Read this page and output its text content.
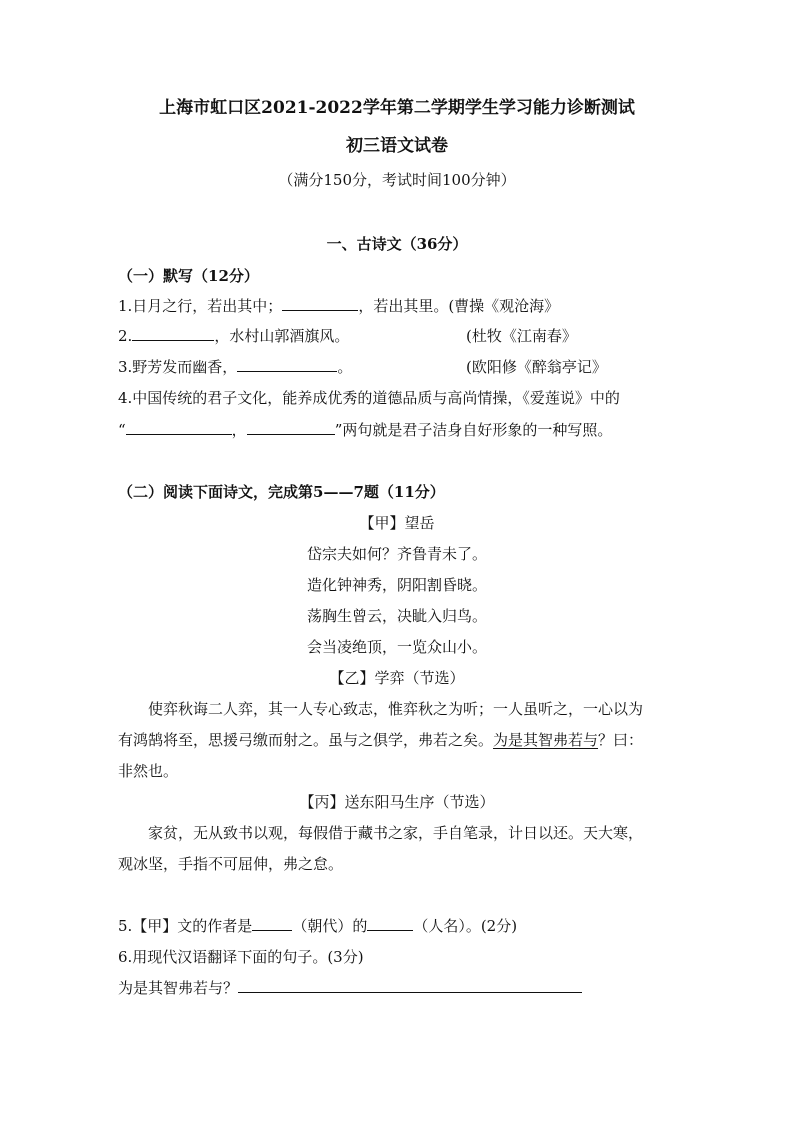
上海市虹口区2021-2022学年第二学期学生学习能力诊断测试
初三语文试卷
（满分150分，考试时间100分钟）
一、古诗文（36分）
（一）默写（12分）
1.日月之行，若出其中；	，若出其里。(曹操《观沧海》
2.	，水村山郭酒旗风。	(杜牧《江南春》
3.野芳发而幽香，	。	(欧阳修《醉翁亭记》
4.中国传统的君子文化，能养成优秀的道德品质与高尚情操，《爱莲说》中的
“	，	”两句就是君子洁身自好形象的一种写照。
（二）阅读下面诗文，完成第5——7题（11分）
【甲】望岳
岱宗夫如何？齐鲁青未了。
造化钟神秀，阴阳割昏晓。
荡胸生曾云，决眦入归鸟。
会当凌绝顶，一览众山小。
【乙】学弈（节选）
使弈秋诲二人弈，其一人专心致志，惟弈秋之为听；一人虽听之，一心以为
有鸿鹄将至，思援弓缴而射之。虽与之俱学，弗若之矣。为是其智弗若与？曰：
非然也。
【丙】送东阳马生序（节选）
家贫，无从致书以观，每假借于藏书之家，手自笔录，计日以还。天大寒，
观冰坚，手指不可屈伸，弗之怠。
5.【甲】文的作者是	（朝代）的	（人名）。(2分)
6.用现代汉语翻译下面的句子。(3分)
为是其智弗若与？
